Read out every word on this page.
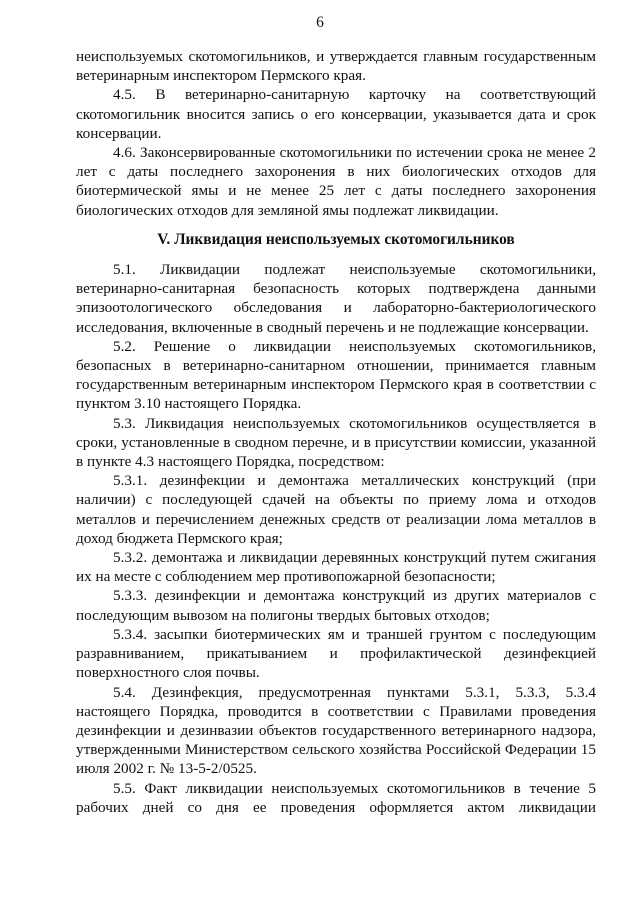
6

неиспользуемых скотомогильников, и утверждается главным государственным ветеринарным инспектором Пермского края.

4.5. В ветеринарно-санитарную карточку на соответствующий скотомогильник вносится запись о его консервации, указывается дата и срок консервации.

4.6. Законсервированные скотомогильники по истечении срока не менее 2 лет с даты последнего захоронения в них биологических отходов для биотермической ямы и не менее 25 лет с даты последнего захоронения биологических отходов для земляной ямы подлежат ликвидации.

V. Ликвидация неиспользуемых скотомогильников

5.1. Ликвидации подлежат неиспользуемые скотомогильники, ветеринарно-санитарная безопасность которых подтверждена данными эпизоотологического обследования и лабораторно-бактериологического исследования, включенные в сводный перечень и не подлежащие консервации.

5.2. Решение о ликвидации неиспользуемых скотомогильников, безопасных в ветеринарно-санитарном отношении, принимается главным государственным ветеринарным инспектором Пермского края в соответствии с пунктом 3.10 настоящего Порядка.

5.3. Ликвидация неиспользуемых скотомогильников осуществляется в сроки, установленные в сводном перечне, и в присутствии комиссии, указанной в пункте 4.3 настоящего Порядка, посредством:

5.3.1. дезинфекции и демонтажа металлических конструкций (при наличии) с последующей сдачей на объекты по приему лома и отходов металлов и перечислением денежных средств от реализации лома металлов в доход бюджета Пермского края;

5.3.2. демонтажа и ликвидации деревянных конструкций путем сжигания их на месте с соблюдением мер противопожарной безопасности;

5.3.3. дезинфекции и демонтажа конструкций из других материалов с последующим вывозом на полигоны твердых бытовых отходов;

5.3.4. засыпки биотермических ям и траншей грунтом с последующим разравниванием, прикатыванием и профилактической дезинфекцией поверхностного слоя почвы.

5.4. Дезинфекция, предусмотренная пунктами 5.3.1, 5.3.3, 5.3.4 настоящего Порядка, проводится в соответствии с Правилами проведения дезинфекции и дезинвазии объектов государственного ветеринарного надзора, утвержденными Министерством сельского хозяйства Российской Федерации 15 июля 2002 г. № 13-5-2/0525.

5.5. Факт ликвидации неиспользуемых скотомогильников в течение 5 рабочих дней со дня ее проведения оформляется актом ликвидации
